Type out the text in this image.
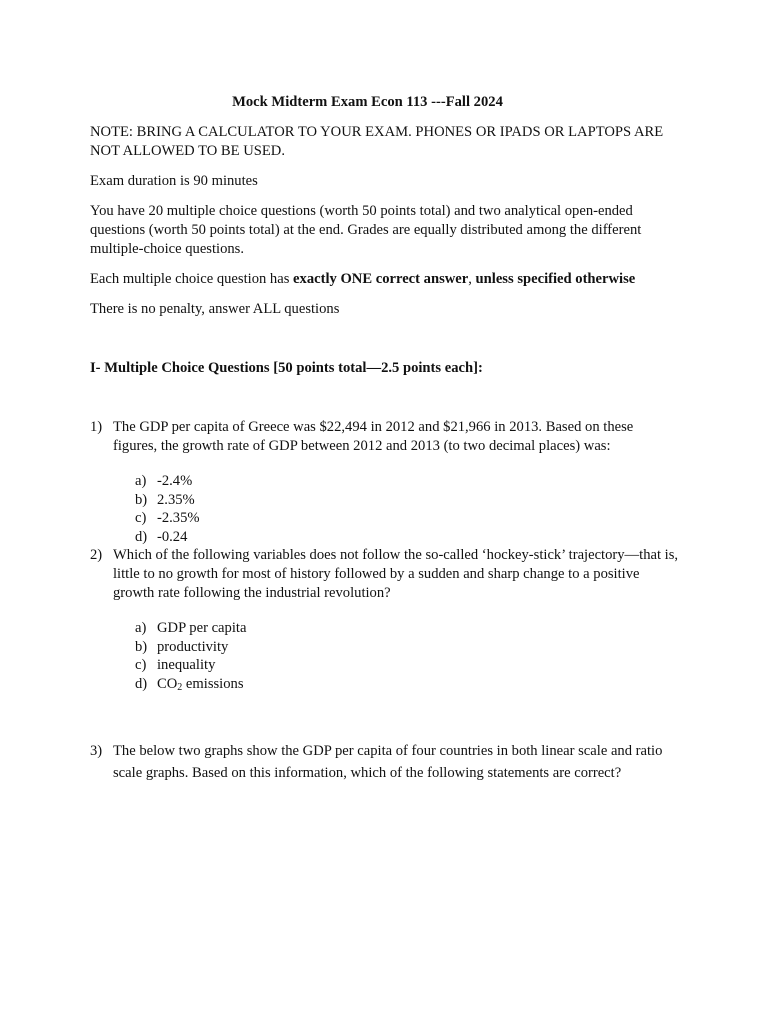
Mock Midterm Exam Econ 113 ---Fall 2024
NOTE: BRING A CALCULATOR TO YOUR EXAM. PHONES OR IPADS OR LAPTOPS ARE NOT ALLOWED TO BE USED.
Exam duration is 90 minutes
You have 20 multiple choice questions (worth 50 points total) and two analytical open-ended questions (worth 50 points total) at the end. Grades are equally distributed among the different multiple-choice questions.
Each multiple choice question has exactly ONE correct answer, unless specified otherwise
There is no penalty, answer ALL questions
I- Multiple Choice Questions [50 points total—2.5 points each]:
1) The GDP per capita of Greece was $22,494 in 2012 and $21,966 in 2013. Based on these figures, the growth rate of GDP between 2012 and 2013 (to two decimal places) was:
a) -2.4%
b) 2.35%
c) -2.35%
d) -0.24
2) Which of the following variables does not follow the so-called ‘hockey-stick’ trajectory—that is, little to no growth for most of history followed by a sudden and sharp change to a positive growth rate following the industrial revolution?
a) GDP per capita
b) productivity
c) inequality
d) $CO_2$ emissions
3) The below two graphs show the GDP per capita of four countries in both linear scale and ratio scale graphs. Based on this information, which of the following statements are correct?
